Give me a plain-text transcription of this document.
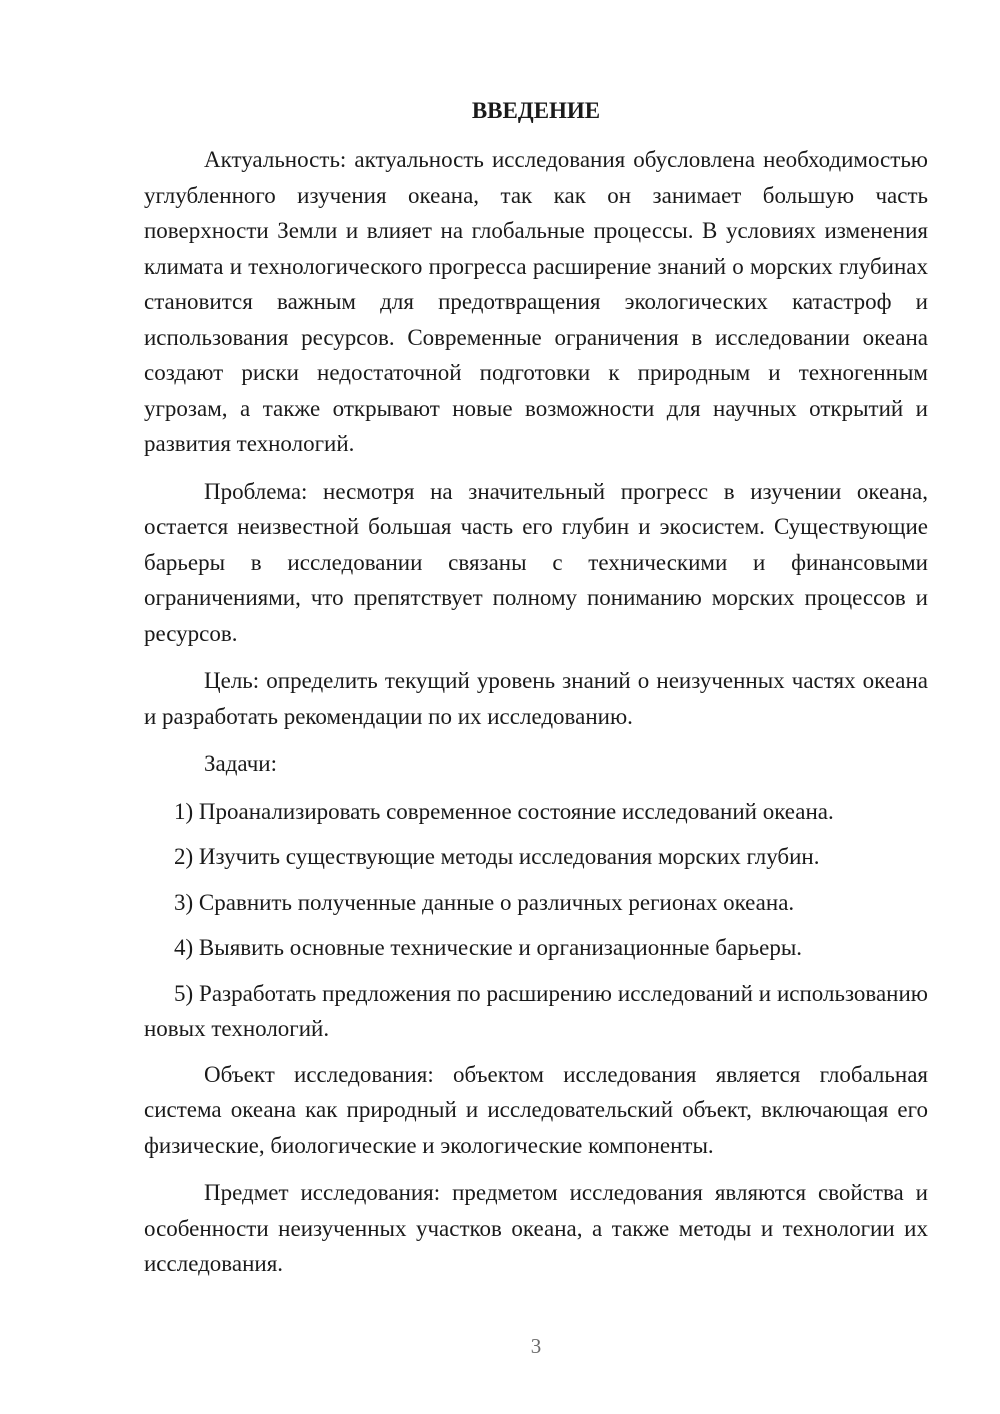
ВВЕДЕНИЕ

Актуальность: актуальность исследования обусловлена необходимостью углубленного изучения океана, так как он занимает большую часть поверхности Земли и влияет на глобальные процессы. В условиях изменения климата и технологического прогресса расширение знаний о морских глубинах становится важным для предотвращения экологических катастроф и использования ресурсов. Современные ограничения в исследовании океана создают риски недостаточной подготовки к природным и техногенным угрозам, а также открывают новые возможности для научных открытий и развития технологий.

Проблема: несмотря на значительный прогресс в изучении океана, остается неизвестной большая часть его глубин и экосистем. Существующие барьеры в исследовании связаны с техническими и финансовыми ограничениями, что препятствует полному пониманию морских процессов и ресурсов.

Цель: определить текущий уровень знаний о неизученных частях океана и разработать рекомендации по их исследованию.

Задачи:

1) Проанализировать современное состояние исследований океана.

2) Изучить существующие методы исследования морских глубин.

3) Сравнить полученные данные о различных регионах океана.

4) Выявить основные технические и организационные барьеры.

5) Разработать предложения по расширению исследований и использованию новых технологий.

Объект исследования: объектом исследования является глобальная система океана как природный и исследовательский объект, включающая его физические, биологические и экологические компоненты.

Предмет исследования: предметом исследования являются свойства и особенности неизученных участков океана, а также методы и технологии их исследования.

3
